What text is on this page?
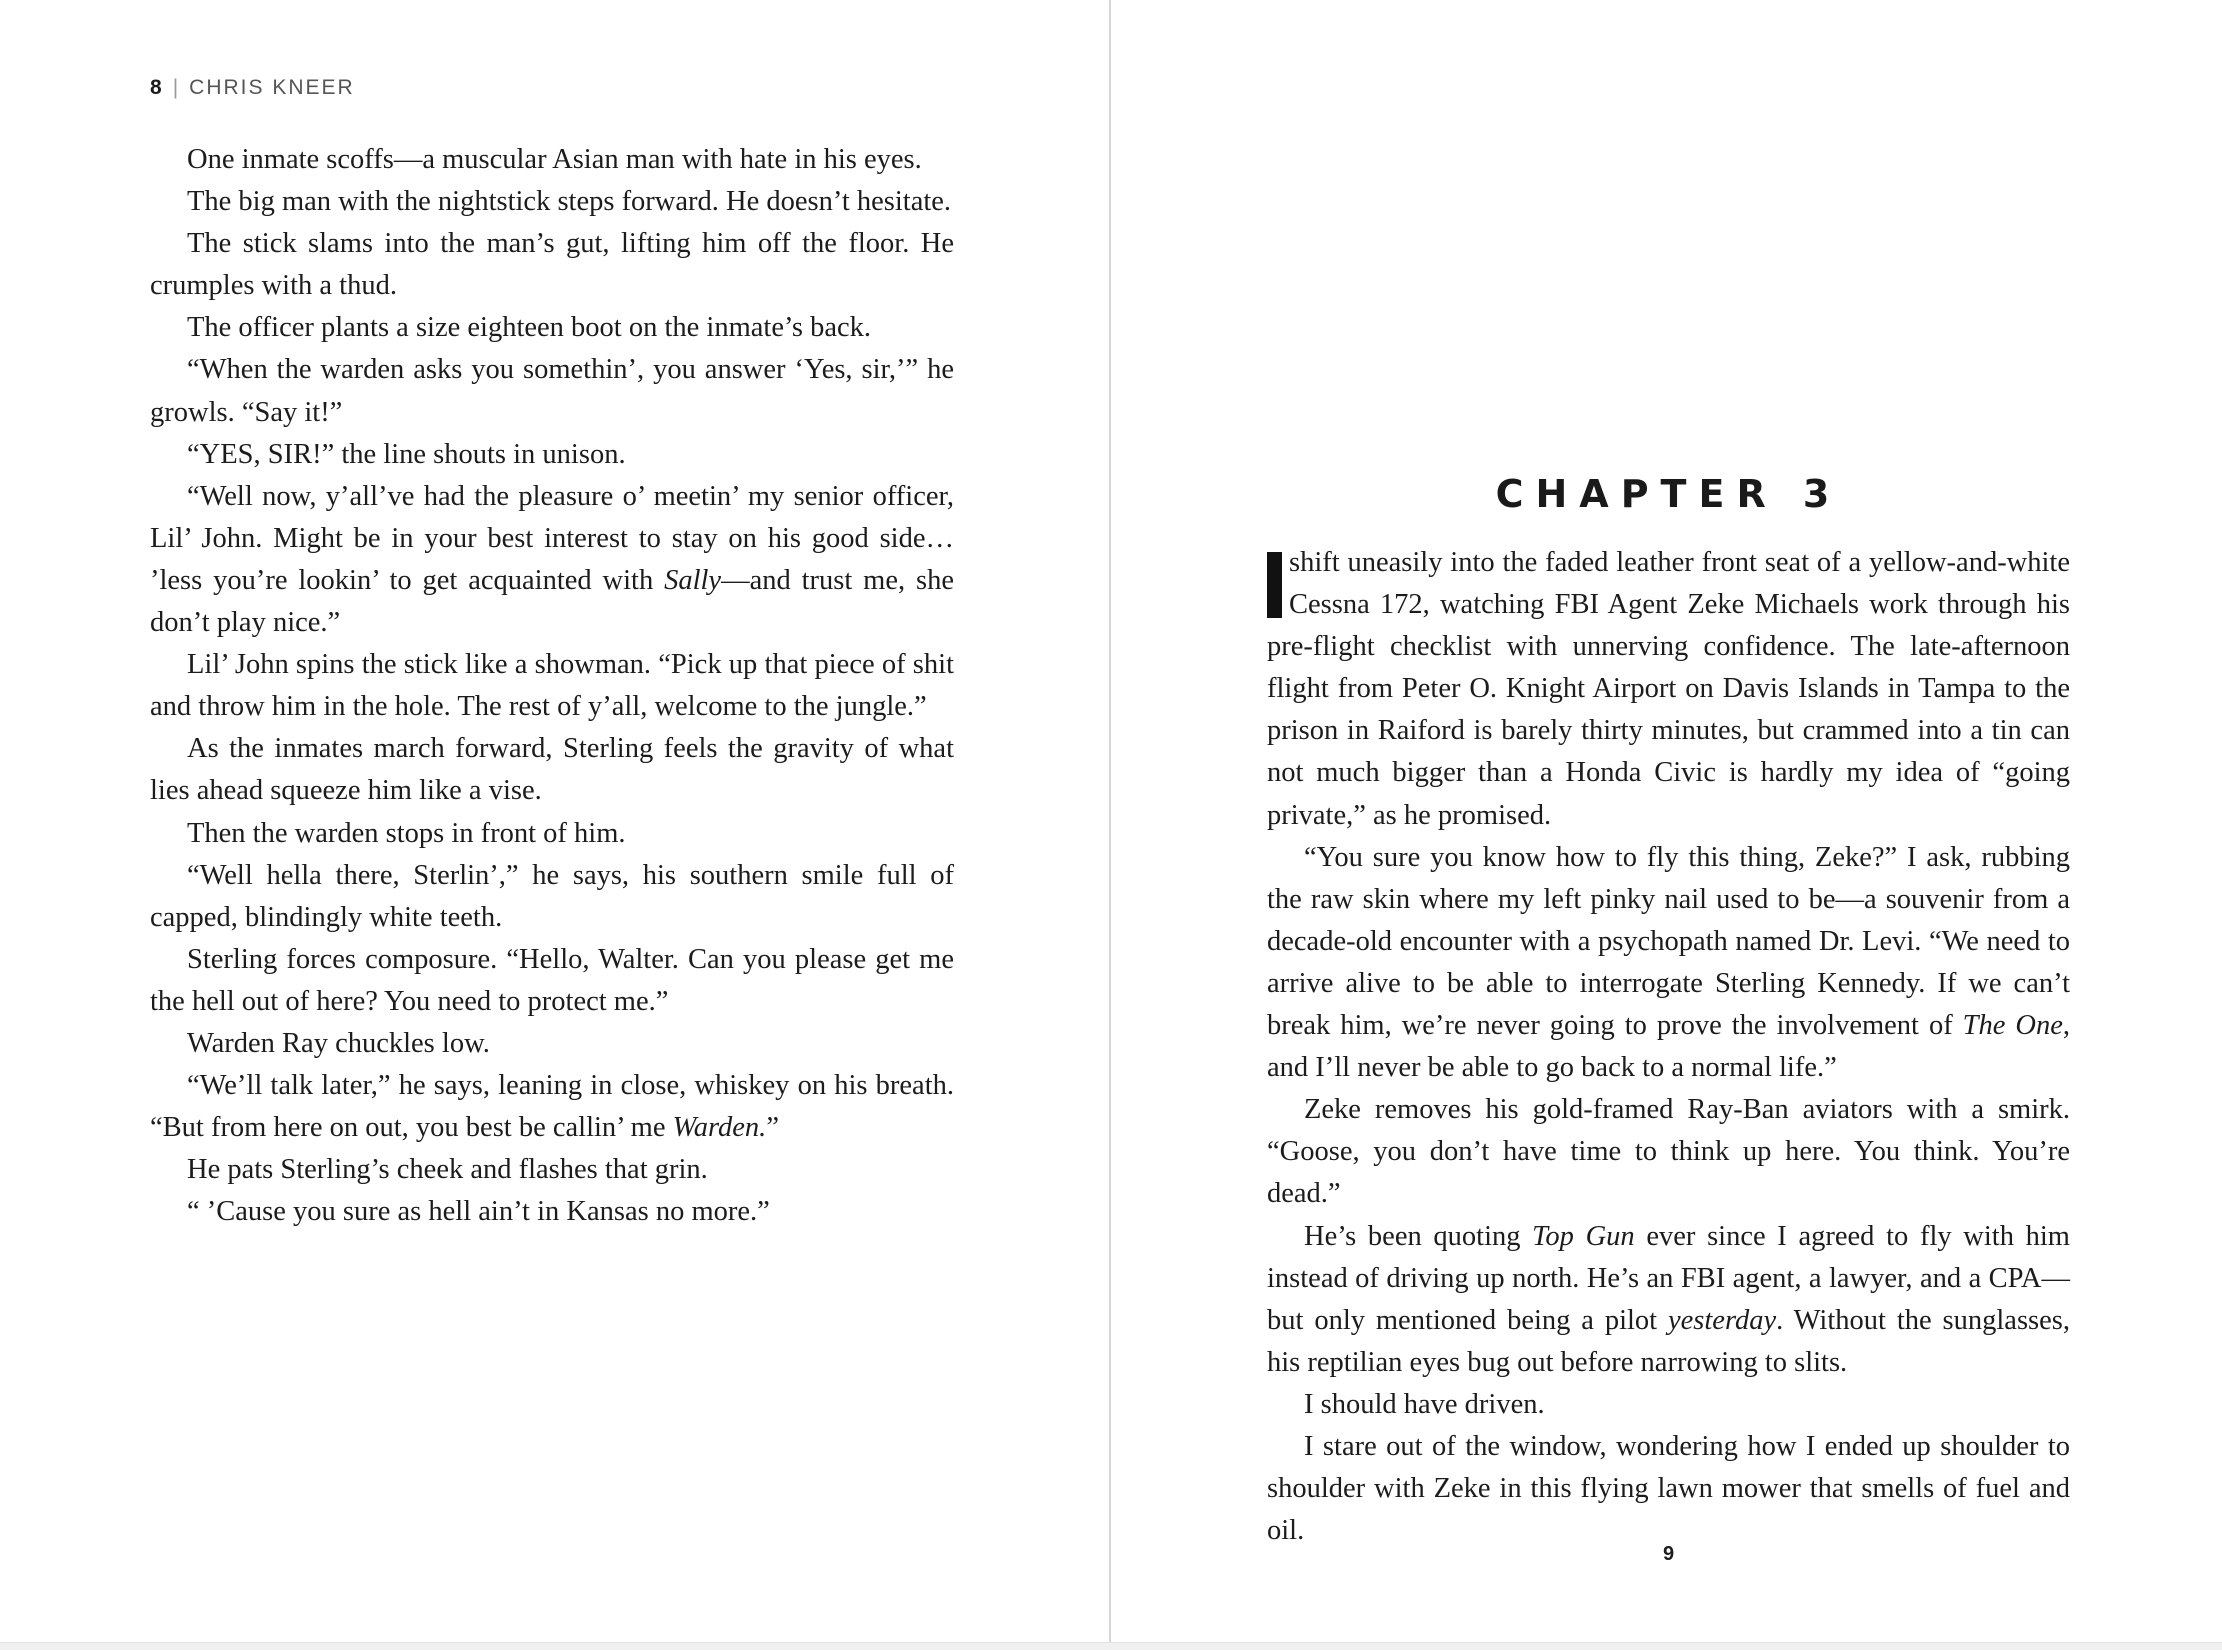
8 | CHRIS KNEER

One inmate scoffs—a muscular Asian man with hate in his eyes.

The big man with the nightstick steps forward. He doesn’t hesitate.

The stick slams into the man’s gut, lifting him off the floor. He crumples with a thud.

The officer plants a size eighteen boot on the inmate’s back.

“When the warden asks you somethin’, you answer ‘Yes, sir,’” he growls. “Say it!”

“YES, SIR!” the line shouts in unison.

“Well now, y’all’ve had the pleasure o’ meetin’ my senior officer, Lil’ John. Might be in your best interest to stay on his good side… ’less you’re lookin’ to get acquainted with Sally—and trust me, she don’t play nice.”

Lil’ John spins the stick like a showman. “Pick up that piece of shit and throw him in the hole. The rest of y’all, welcome to the jungle.”

As the inmates march forward, Sterling feels the gravity of what lies ahead squeeze him like a vise.

Then the warden stops in front of him.

“Well hella there, Sterlin’,” he says, his southern smile full of capped, blindingly white teeth.

Sterling forces composure. “Hello, Walter. Can you please get me the hell out of here? You need to protect me.”

Warden Ray chuckles low.

“We’ll talk later,” he says, leaning in close, whiskey on his breath. “But from here on out, you best be callin’ me Warden.”

He pats Sterling’s cheek and flashes that grin.

“ ’Cause you sure as hell ain’t in Kansas no more.”

CHAPTER 3

shift uneasily into the faded leather front seat of a yellow-and-white Cessna 172, watching FBI Agent Zeke Michaels work through his pre-flight checklist with unnerving confidence. The late-afternoon flight from Peter O. Knight Airport on Davis Islands in Tampa to the prison in Raiford is barely thirty minutes, but crammed into a tin can not much bigger than a Honda Civic is hardly my idea of “going private,” as he promised.

“You sure you know how to fly this thing, Zeke?” I ask, rubbing the raw skin where my left pinky nail used to be—a souvenir from a decade-old encounter with a psychopath named Dr. Levi. “We need to arrive alive to be able to interrogate Sterling Kennedy. If we can’t break him, we’re never going to prove the involvement of The One, and I’ll never be able to go back to a normal life.”

Zeke removes his gold-framed Ray-Ban aviators with a smirk. “Goose, you don’t have time to think up here. You think. You’re dead.”

He’s been quoting Top Gun ever since I agreed to fly with him instead of driving up north. He’s an FBI agent, a lawyer, and a CPA—but only mentioned being a pilot yesterday. Without the sunglasses, his reptilian eyes bug out before narrowing to slits.

I should have driven.

I stare out of the window, wondering how I ended up shoulder to shoulder with Zeke in this flying lawn mower that smells of fuel and oil.

9
